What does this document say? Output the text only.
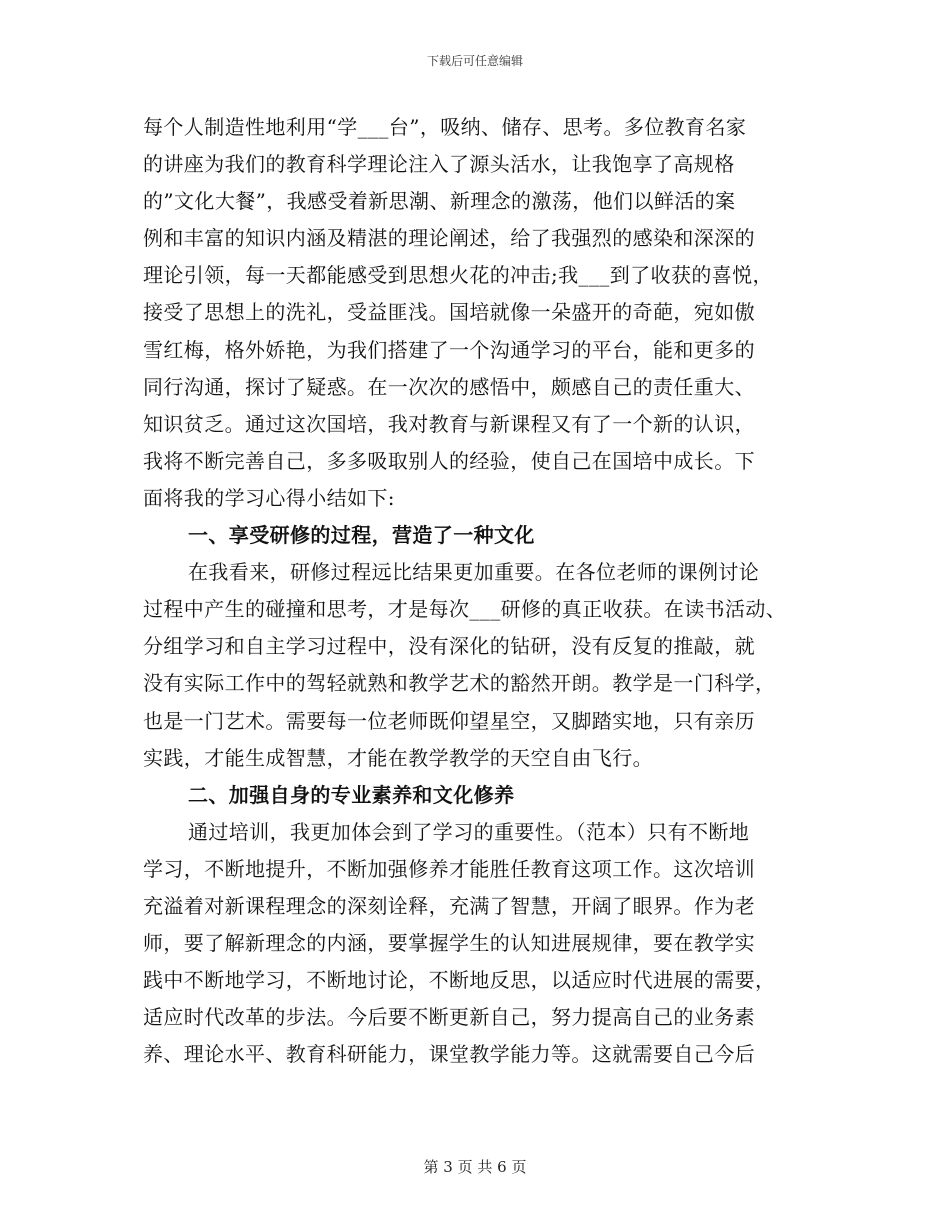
下载后可任意编辑
每个人制造性地利用“学___台”，吸纳、储存、思考。多位教育名家
的讲座为我们的教育科学理论注入了源头活水，让我饱享了高规格
的”文化大餐”，我感受着新思潮、新理念的激荡，他们以鲜活的案
例和丰富的知识内涵及精湛的理论阐述，给了我强烈的感染和深深的
理论引领，每一天都能感受到思想火花的冲击;我___到了收获的喜悦，
接受了思想上的洗礼，受益匪浅。国培就像一朵盛开的奇葩，宛如傲
雪红梅，格外娇艳，为我们搭建了一个沟通学习的平台，能和更多的
同行沟通，探讨了疑惑。在一次次的感悟中，颇感自己的责任重大、
知识贫乏。通过这次国培，我对教育与新课程又有了一个新的认识，
我将不断完善自己，多多吸取别人的经验，使自己在国培中成长。下
面将我的学习心得小结如下:
一、享受研修的过程，营造了一种文化
在我看来，研修过程远比结果更加重要。在各位老师的课例讨论
过程中产生的碰撞和思考，才是每次___研修的真正收获。在读书活动、
分组学习和自主学习过程中，没有深化的钻研，没有反复的推敲，就
没有实际工作中的驾轻就熟和教学艺术的豁然开朗。教学是一门科学，
也是一门艺术。需要每一位老师既仰望星空，又脚踏实地，只有亲历
实践，才能生成智慧，才能在教学教学的天空自由飞行。
二、加强自身的专业素养和文化修养
通过培训，我更加体会到了学习的重要性。（范本）只有不断地
学习，不断地提升，不断加强修养才能胜任教育这项工作。这次培训
充溢着对新课程理念的深刻诠释，充满了智慧，开阔了眼界。作为老
师，要了解新理念的内涵，要掌握学生的认知进展规律，要在教学实
践中不断地学习，不断地讨论，不断地反思，以适应时代进展的需要，
适应时代改革的步法。今后要不断更新自己，努力提高自己的业务素
养、理论水平、教育科研能力，课堂教学能力等。这就需要自己今后
第 3 页 共 6 页
